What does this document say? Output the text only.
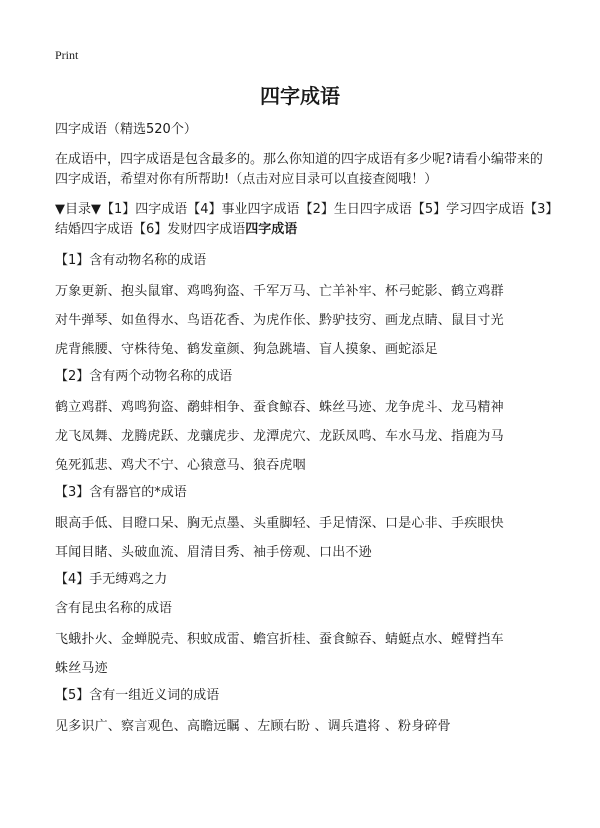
Print
四字成语
四字成语（精选520个）
在成语中，四字成语是包含最多的。那么你知道的四字成语有多少呢?请看小编带来的四字成语，希望对你有所帮助!（点击对应目录可以直接查阅哦！）
▼目录▼【1】四字成语【4】事业四字成语【2】生日四字成语【5】学习四字成语【3】结婚四字成语【6】发财四字成语四字成语
【1】含有动物名称的成语
万象更新、抱头鼠窜、鸡鸣狗盗、千军万马、亡羊补牢、杯弓蛇影、鹤立鸡群
对牛弹琴、如鱼得水、鸟语花香、为虎作伥、黔驴技穷、画龙点睛、鼠目寸光
虎背熊腰、守株待兔、鹤发童颜、狗急跳墙、盲人摸象、画蛇添足
【2】含有两个动物名称的成语
鹤立鸡群、鸡鸣狗盗、鹬蚌相争、蚕食鲸吞、蛛丝马迹、龙争虎斗、龙马精神
龙飞凤舞、龙腾虎跃、龙骧虎步、龙潭虎穴、龙跃凤鸣、车水马龙、指鹿为马
兔死狐悲、鸡犬不宁、心猿意马、狼吞虎咽
【3】含有器官的*成语
眼高手低、目瞪口呆、胸无点墨、头重脚轻、手足情深、口是心非、手疾眼快
耳闻目睹、头破血流、眉清目秀、袖手傍观、口出不逊
【4】手无缚鸡之力
含有昆虫名称的成语
飞蛾扑火、金蝉脱壳、积蚊成雷、蟾宫折桂、蚕食鲸吞、蜻蜓点水、螳臂挡车
蛛丝马迹
【5】含有一组近义词的成语
见多识广、察言观色、高瞻远瞩 、左顾右盼 、调兵遣将 、粉身碎骨
